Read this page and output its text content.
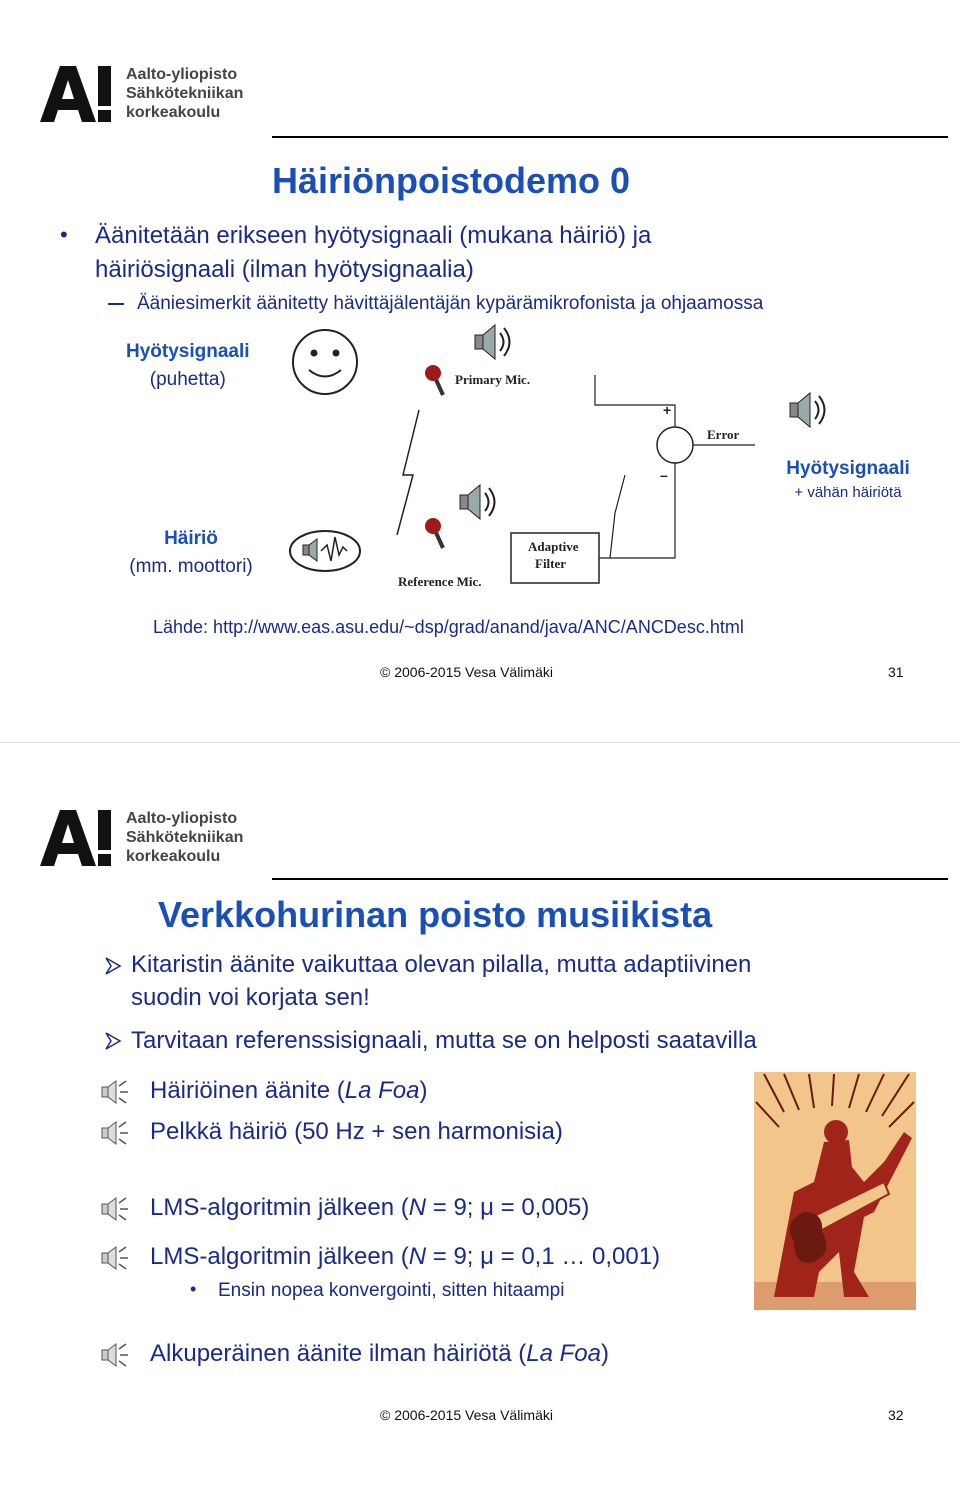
Aalto-yliopisto
Sähkötekniikan
korkeakoulu
Häiriönpoistodemo 0
• Äänitetään erikseen hyötysignaali (mukana häiriö) ja
häiriösignaali (ilman hyötysignaalia)
Ääniesimerkit äänitetty hävittäjälentäjän kypärämikrofonista ja ohjaamossa
Hyötysignaali
(puhetta)
Häiriö
(mm. moottori)
Hyötysignaali
+ vähän häiriötä
Primary Mic.
Reference Mic.
Adaptive
Filter
+
–
Error
Lähde: http://www.eas.asu.edu/~dsp/grad/anand/java/ANC/ANCDesc.html
© 2006-2015 Vesa Välimäki	31
Aalto-yliopisto
Sähkötekniikan
korkeakoulu
Verkkohurinan poisto musiikista
Kitaristin äänite vaikuttaa olevan pilalla, mutta adaptiivinen
suodin voi korjata sen!
Tarvitaan referenssisignaali, mutta se on helposti saatavilla
Häiriöinen äänite (La Foa)
Pelkkä häiriö (50 Hz + sen harmonisia)
LMS-algoritmin jälkeen (N = 9; μ = 0,005)
LMS-algoritmin jälkeen (N = 9; μ = 0,1 … 0,001)
• Ensin nopea konvergointi, sitten hitaampi
Alkuperäinen äänite ilman häiriötä (La Foa)
© 2006-2015 Vesa Välimäki	32
